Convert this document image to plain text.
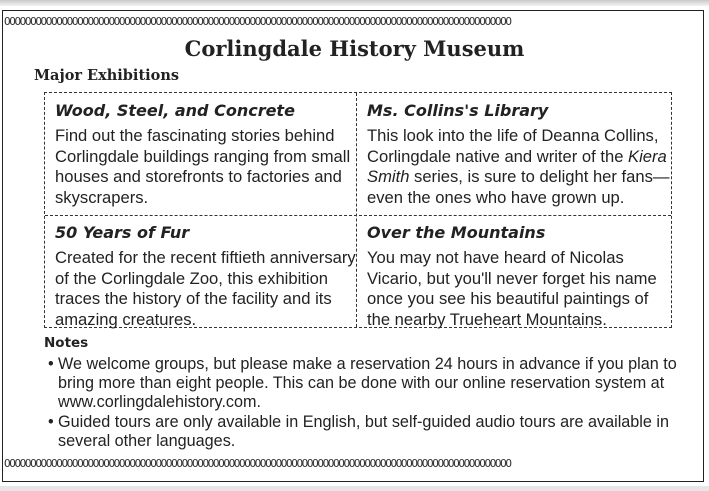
OOOOOOOOOOOOOOOOOOOOOOOOOOOOOOOOOOOOOOOOOOOOOOOOOOOOOOOOOOOOOOOOOOOOOOOOOOOOOOOOOOOOOOOOOOOOOOOOO
Corlingdale History Museum
Major Exhibitions
Wood, Steel, and Concrete

Find out the fascinating stories behind

Corlingdale buildings ranging from small

houses and storefronts to factories and

skyscrapers.

Ms. Collins's Library

This look into the life of Deanna Collins,

Corlingdale native and writer of the Kiera

Smith series, is sure to delight her fans—

even the ones who have grown up.

50 Years of Fur

Created for the recent fiftieth anniversary

of the Corlingdale Zoo, this exhibition

traces the history of the facility and its

amazing creatures.

Over the Mountains

You may not have heard of Nicolas

Vicario, but you'll never forget his name

once you see his beautiful paintings of

the nearby Trueheart Mountains.

Notes
• We welcome groups, but please make a reservation 24 hours in advance if you plan to
bring more than eight people. This can be done with our online reservation system at
www.corlingdalehistory.com.
• Guided tours are only available in English, but self-guided audio tours are available in
several other languages.
OOOOOOOOOOOOOOOOOOOOOOOOOOOOOOOOOOOOOOOOOOOOOOOOOOOOOOOOOOOOOOOOOOOOOOOOOOOOOOOOOOOOOOOOOOOOOOOOO
